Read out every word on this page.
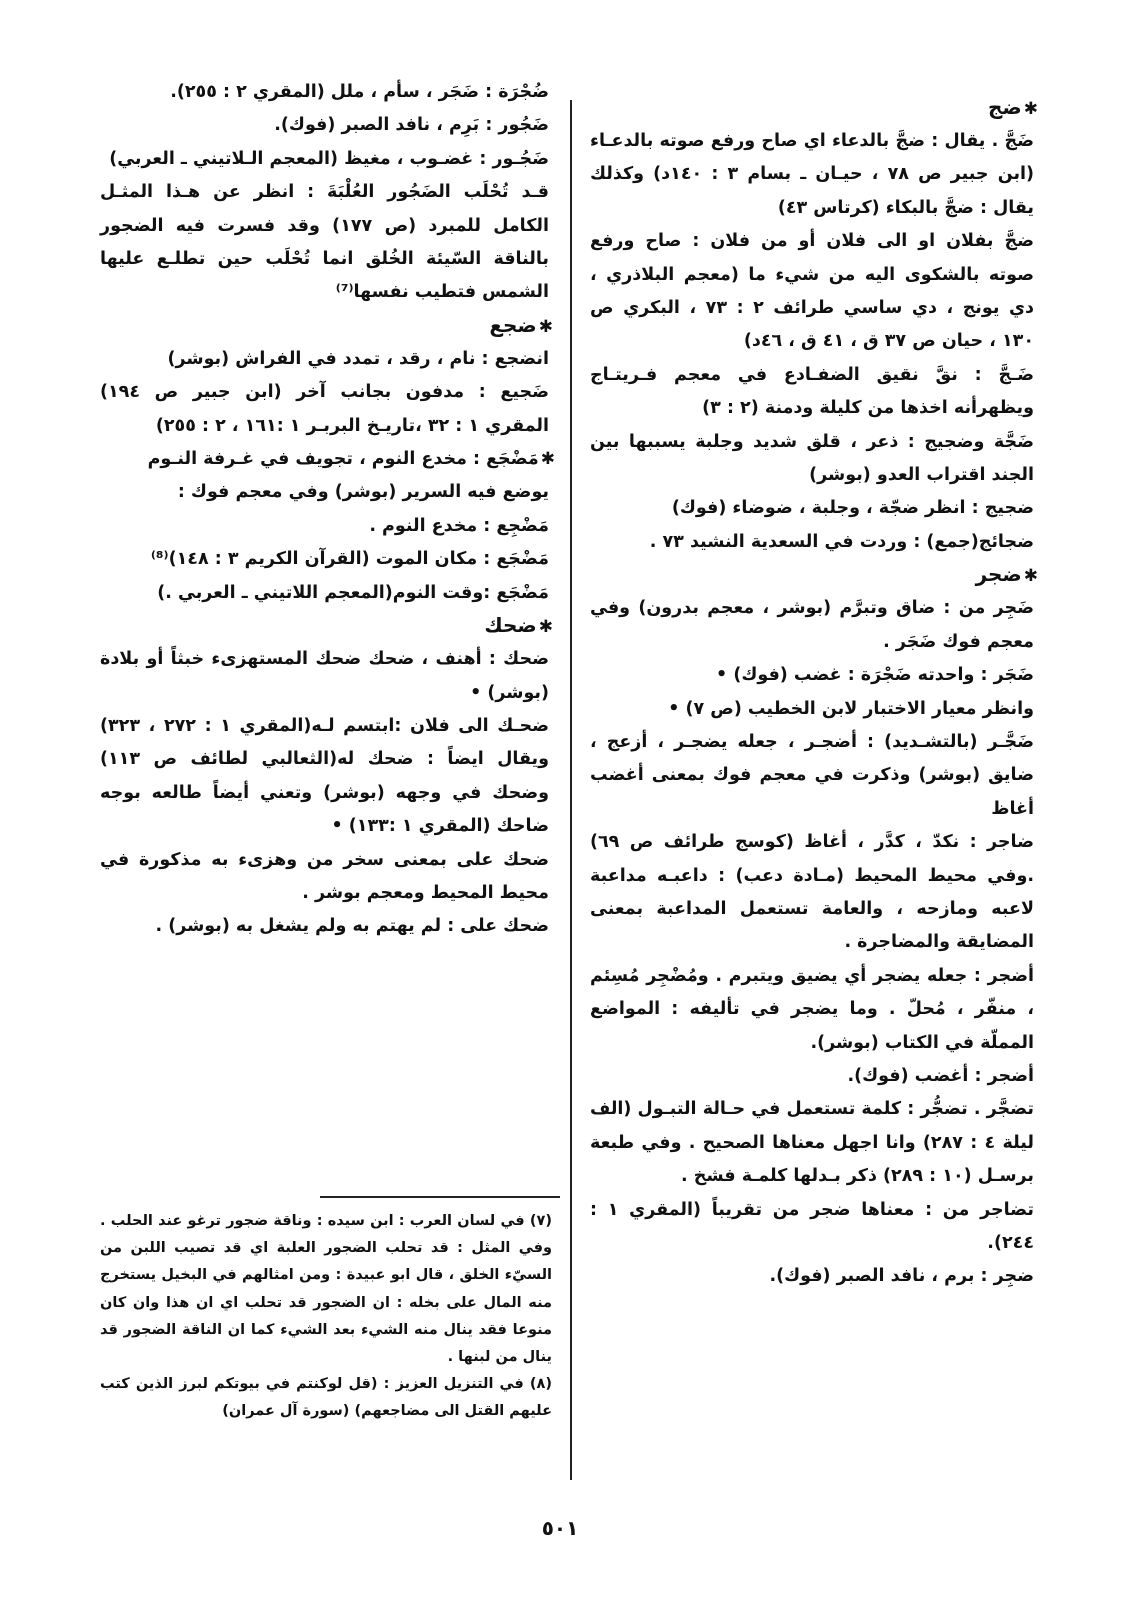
✱ضج

ضَجَّ . يقال : ضجَّ بالدعاء اي صاح ورفع صوته بالدعـاء (ابن جبير ص ٧٨ ، حيـان ـ بسام ٣ : ١٤٠د) وكذلك يقال : ضجَّ بالبكاء (كرتاس ٤٣)

ضجَّ بفلان او الى فلان أو من فلان : صاح ورفع صوته بالشكوى اليه من شيء ما (معجم البلاذري ، دي يونج ، دي ساسي طرائف ٢ : ٧٣ ، البكري ص ١٣٠ ، حيان ص ٣٧ ق ، ٤١ ق ، ٤٦د)

ضَـجَّ : نقَّ نقيق الضفـادع في معجم فـريتـاج ويظهرأنه اخذها من كليلة ودمنة (٢ : ٣)

ضَجَّة وضجيج : ذعر ، قلق شديد وجلبة يسببها بين الجند اقتراب العدو (بوشر)

ضجيج : انظر ضجّة ، وجلبة ، ضوضاء (فوك)

ضجائج(جمع) : وردت في السعدية النشيد ٧٣ .

✱ضجر

ضَجِر من : ضاق وتبرَّم (بوشر ، معجم بدرون) وفي معجم فوك ضَجَر .

ضَجَر : واحدته ضَجْرَة : غضب (فوك) •

وانظر معيار الاختبار لابن الخطيب (ص ٧) •

ضَجَّـر (بالتشـديد) : أضجـر ، جعله يضجـر ، أزعج ، ضايق (بوشر) وذكرت في معجم فوك بمعنى أغضب أغاظ

ضاجر : نكدّ ، كدَّر ، أغاظ (كوسج طرائف ص ٦٩) .وفي محيط المحيط (مـادة دعب) : داعبـه مداعبة لاعبه ومازحه ، والعامة تستعمل المداعبة بمعنى المضايقة والمضاجرة .

أضجر : جعله يضجر أي يضيق ويتبرم . ومُضْجِر مُسِئم ، منفّر ، مُحلّ . وما يضجر في تأليفه : المواضع المملّة في الكتاب (بوشر).

أضجر : أغضب (فوك).

تضجَّر . تضجُّر : كلمة تستعمل في حـالة التبـول (الف ليلة ٤ : ٢٨٧) وانا اجهل معناها الصحيح . وفي طبعة برسـل (١٠ : ٢٨٩) ذكر بـدلها كلمـة فشخ .

تضاجر من : معناها ضجر من تقريباً (المقري ١ : ٢٤٤).

ضجِر : برم ، نافد الصبر (فوك).

ضُجْرَة : ضَجَر ، سأم ، ملل (المقري ٢ : ٢٥٥).

ضَجُور : بَرِم ، نافد الصبر (فوك).

ضَجُـور : غضـوب ، مغيظ (المعجم الـلاتيني ـ العربي)

قـد تُحْلَب الضَجُور العُلْبَةَ : انظر عن هـذا المثـل الكامل للمبرد (ص ١٧٧) وقد فسرت فيه الضجور بالناقة السّيئة الخُلق انما تُحْلَب حين تطلـع عليها الشمس فتطيب نفسها⁽⁷⁾

✱ضجع

انضجع : نام ، رقد ، تمدد في الفراش (بوشر)

ضَجيع : مدفون بجانب آخر (ابن جبير ص ١٩٤) المقري ١ : ٣٢ ،تاريـخ البربـر ١ :١٦١ ، ٢ : ٢٥٥)

✱مَضْجَع : مخدع النوم ، تجويف في غـرفة النـوم

يوضع فيه السرير (بوشر) وفي معجم فوك :

مَضْجِع : مخدع النوم .

مَضْجَع : مكان الموت (القرآن الكريم ٣ : ١٤٨)⁽⁸⁾

مَضْجَع :وقت النوم(المعجم اللاتيني ـ العربي .)

✱ضحك

ضحك : أهنف ، ضحك ضحك المستهزىء خبثاً أو بلادة (بوشر) •

ضحـك الى فلان :ابتسم لـه(المقري ١ : ٢٧٢ ، ٣٢٣) ويقال ايضاً : ضحك له(الثعالبي لطائف ص ١١٣) وضحك في وجهه (بوشر) وتعني أيضاً طالعه بوجه ضاحك (المقري ١ :١٣٣) •

ضحك على بمعنى سخر من وهزىء به مذكورة في محيط المحيط ومعجم بوشر .

ضحك على : لم يهتم به ولم يشغل به (بوشر) .

(٧) في لسان العرب : ابن سيده : وناقة ضجور ترغو عند الحلب . وفي المثل : قد تحلب الضجور العلبة اي قد تصيب اللبن من السيّء الخلق ، قال ابو عبيدة : ومن امثالهم في البخيل يستخرج منه المال على بخله : ان الضجور قد تحلب اي ان هذا وان كان منوعا فقد ينال منه الشيء بعد الشيء كما ان الناقة الضجور قد ينال من لبنها .

(٨) في التنزيل العزيز : (قل لوكنتم في بيوتكم لبرز الذين كتب عليهم القتل الى مضاجعهم) (سورة آل عمران)

٥٠١
